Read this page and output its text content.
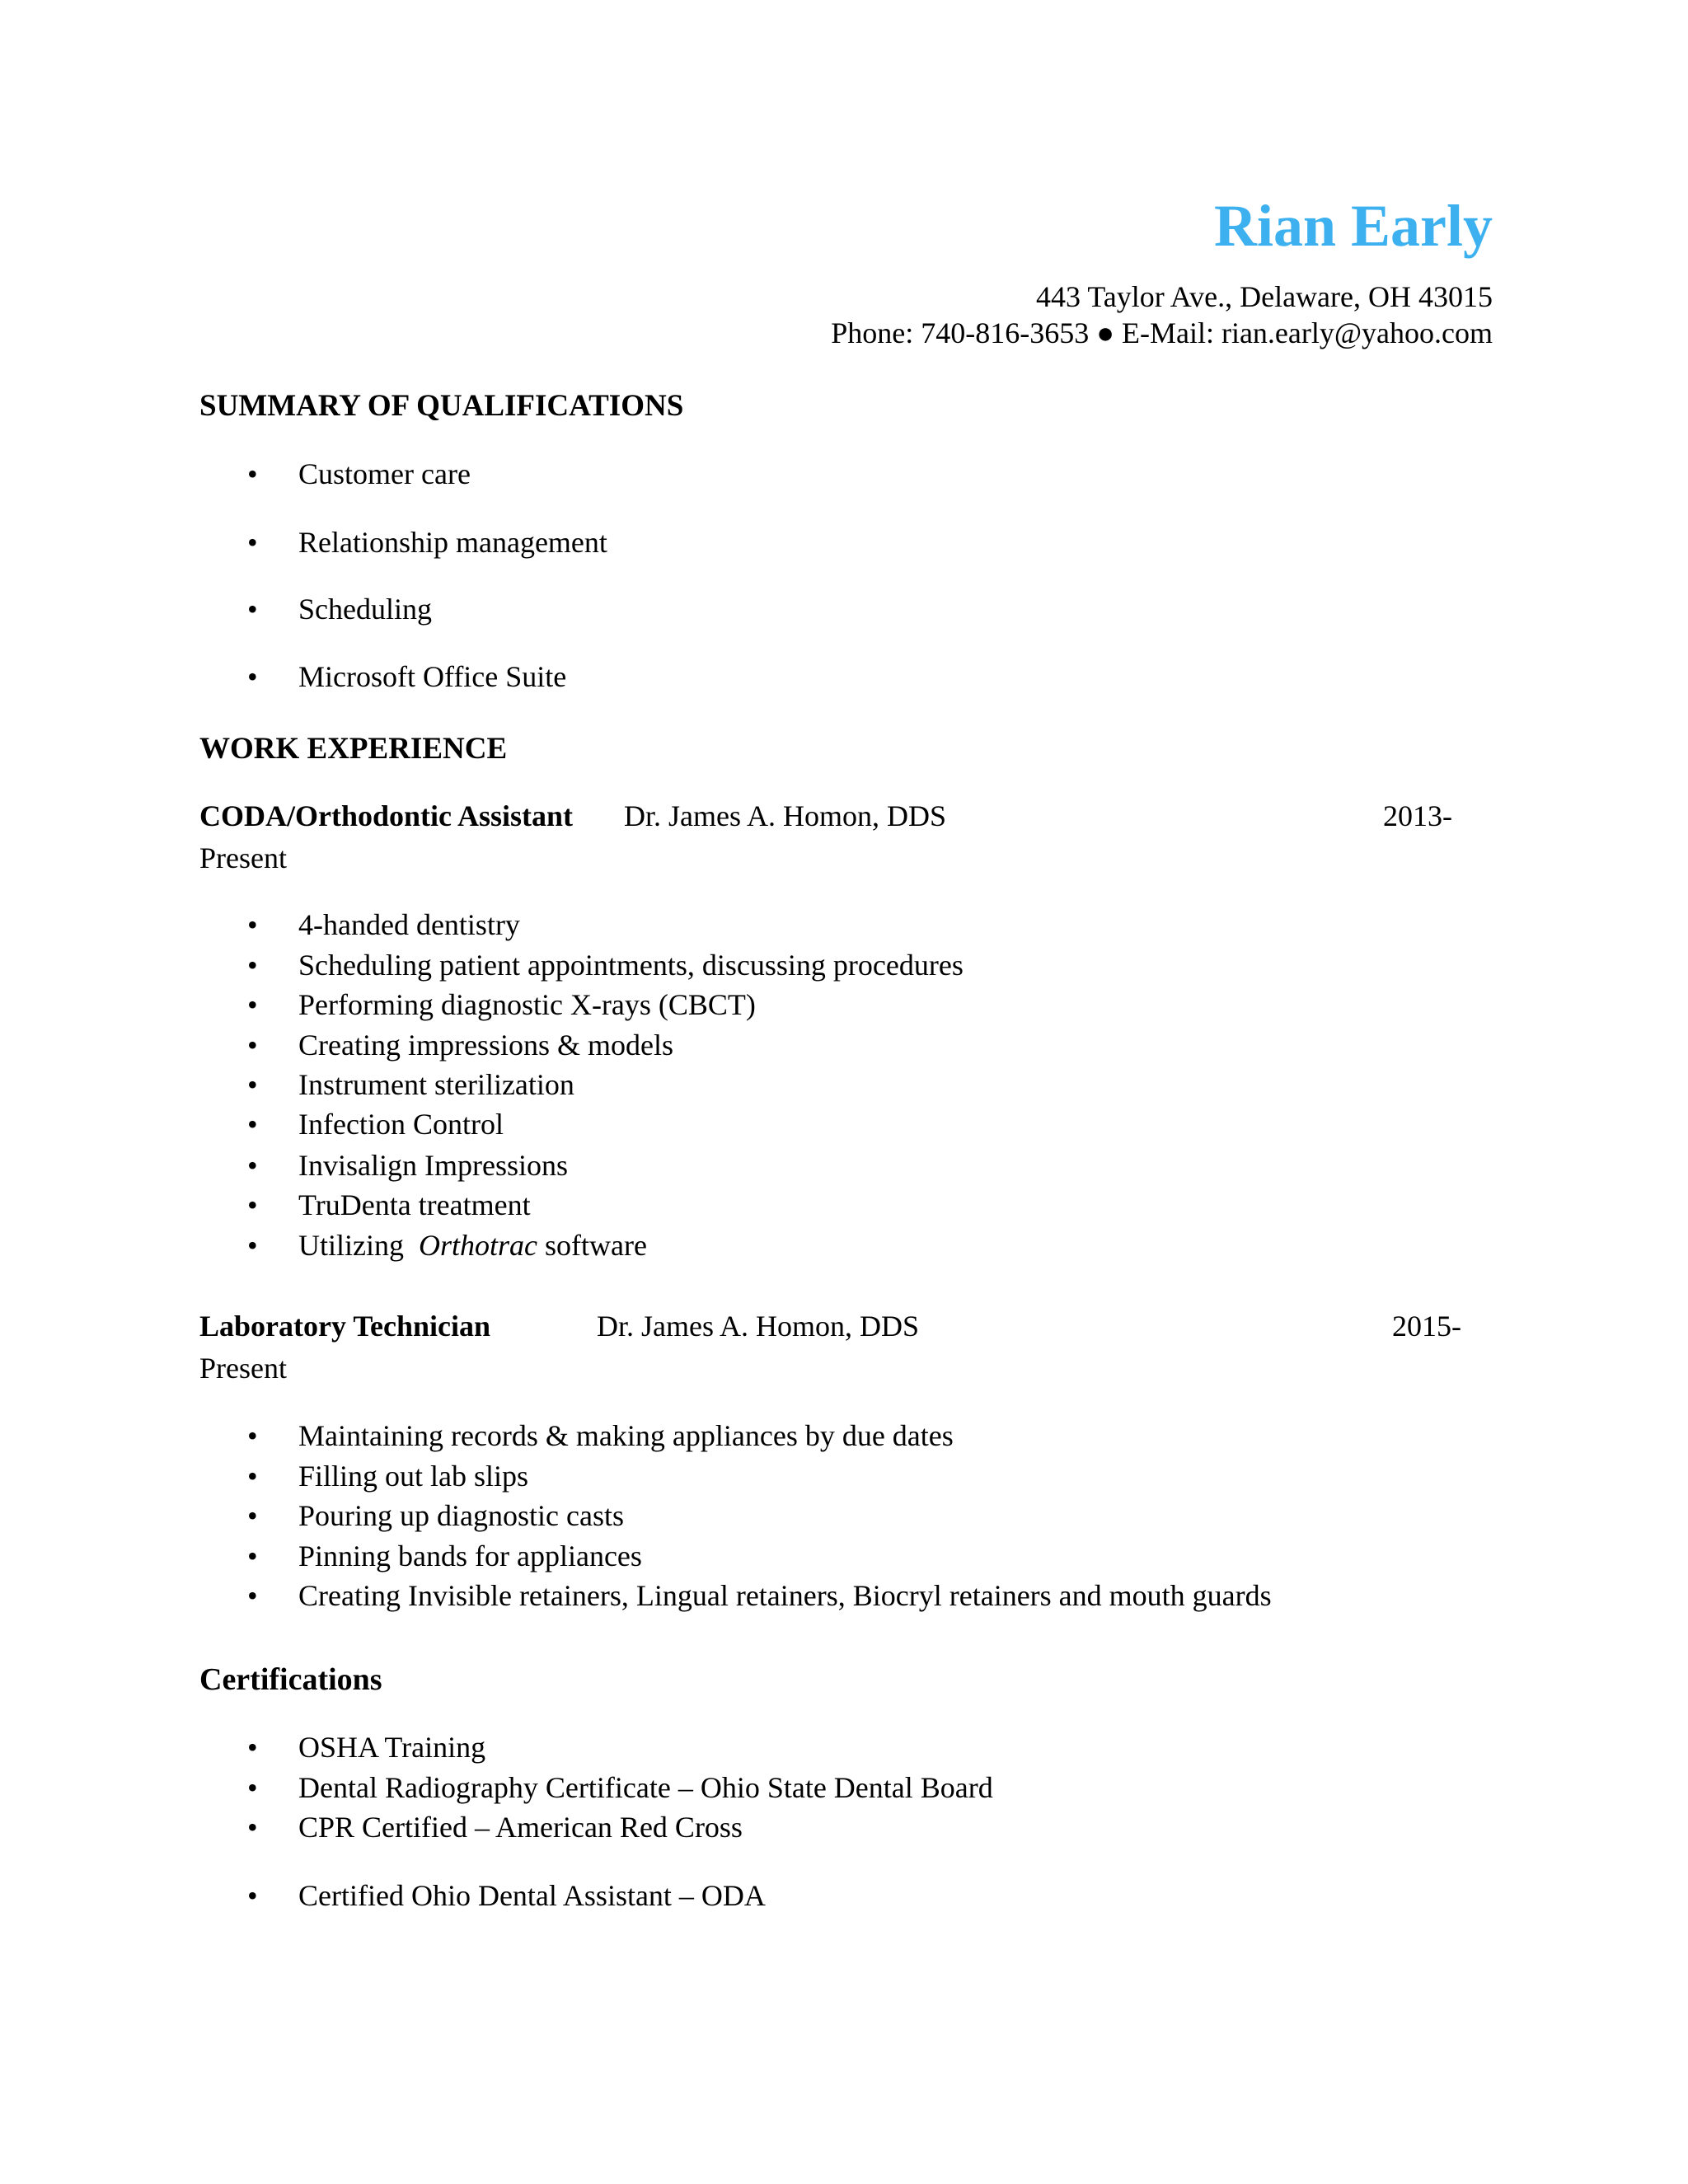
Rian Early
443 Taylor Ave., Delaware, OH 43015
Phone: 740-816-3653 ● E-Mail: rian.early@yahoo.com
SUMMARY OF QUALIFICATIONS
• Customer care
• Relationship management
• Scheduling
• Microsoft Office Suite
WORK EXPERIENCE
CODA/Orthodontic Assistant Dr. James A. Homon, DDS	2013-
Present
• 4-handed dentistry
• Scheduling patient appointments, discussing procedures
• Performing diagnostic X-rays (CBCT)
• Creating impressions & models
• Instrument sterilization
• Infection Control
• Invisalign Impressions
• TruDenta treatment
• Utilizing  Orthotrac software
Laboratory Technician	Dr. James A. Homon, DDS	2015-
Present
• Maintaining records & making appliances by due dates
• Filling out lab slips
• Pouring up diagnostic casts
• Pinning bands for appliances
• Creating Invisible retainers, Lingual retainers, Biocryl retainers and mouth guards
Certifications
• OSHA Training
• Dental Radiography Certificate – Ohio State Dental Board
• CPR Certified – American Red Cross
• Certified Ohio Dental Assistant – ODA
